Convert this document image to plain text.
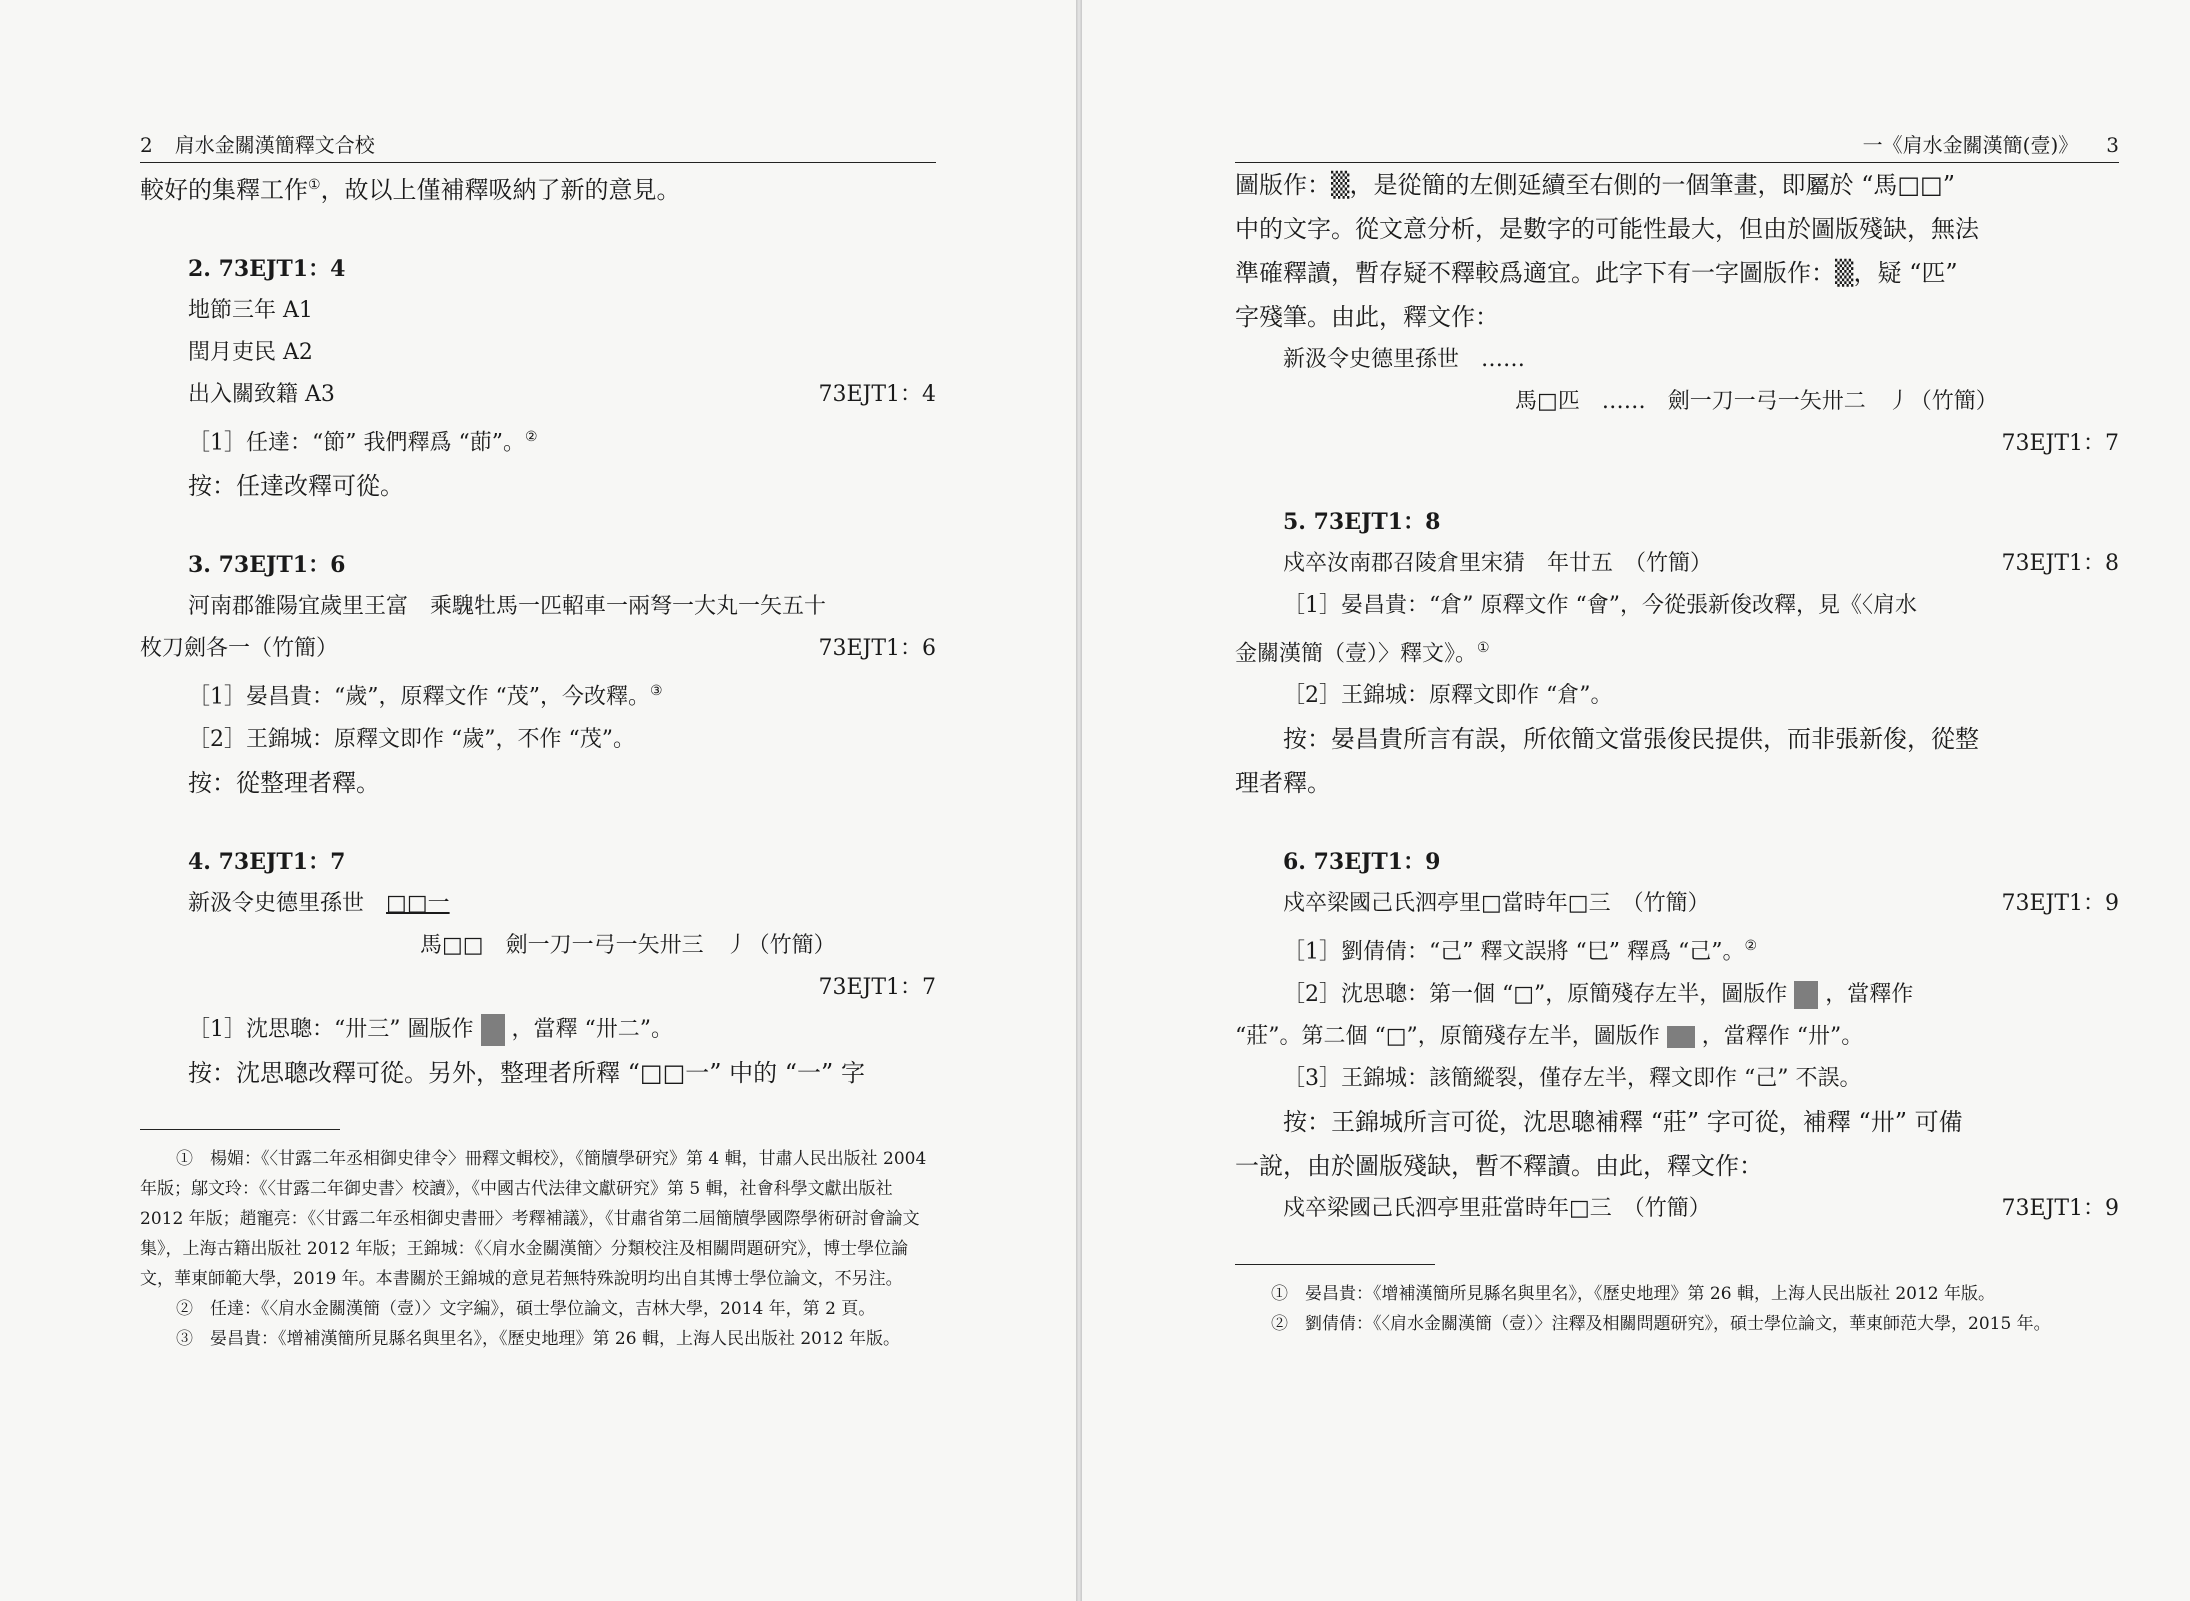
2 肩水金關漢簡釋文合校

較好的集釋工作①，故以上僅補釋吸納了新的意見。

2. 73EJT1：4

地節三年 A1

閏月吏民 A2

出入關致籍 A3	73EJT1：4

［1］任達：“節” 我們釋爲 “莭”。②

按：任達改釋可從。

3. 73EJT1：6

河南郡雒陽宜歲里王富　乘騩牡馬一匹軺車一兩弩一大丸一矢五十

枚刀劍各一（竹簡）	73EJT1：6

［1］晏昌貴：“歲”，原釋文作 “茂”，今改釋。③

［2］王錦城：原釋文即作 “歲”，不作 “茂”。

按：從整理者釋。

4. 73EJT1：7

新汲令史德里孫世　 □□一

馬□□　劍一刀一弓一矢卅三　丿（竹簡）

73EJT1：7

［1］沈思聰：“卅三” 圖版作 ，當釋 “卅二”。

按：沈思聰改釋可從。另外，整理者所釋 “□□一” 中的 “一” 字

①　 楊媚：《〈甘露二年丞相御史律令〉冊釋文輯校》，《簡牘學研究》第 4 輯，甘肅人民出版社 2004 年版；鄔文玲：《〈甘露二年御史書〉校讀》，《中國古代法律文獻研究》第 5 輯，社會科學文獻出版社 2012 年版；趙寵亮：《〈甘露二年丞相御史書冊〉考釋補議》，《甘肅省第二屆簡牘學國際學術研討會論文集》，上海古籍出版社 2012 年版；王錦城：《〈肩水金關漢簡〉分類校注及相關問題研究》，博士學位論文，華東師範大學，2019 年。本書關於王錦城的意見若無特殊說明均出自其博士學位論文，不另注。

②　 任達：《〈肩水金關漢簡（壹）〉文字編》，碩士學位論文，吉林大學，2014 年，第 2 頁。

③　 晏昌貴：《增補漢簡所見縣名與里名》，《歷史地理》第 26 輯，上海人民出版社 2012 年版。

一《肩水金關漢簡(壹)》 3

圖版作：▒，是從簡的左側延續至右側的一個筆畫，即屬於 “馬□□”

中的文字。從文意分析，是數字的可能性最大，但由於圖版殘缺，無法

準確釋讀，暫存疑不釋較爲適宜。此字下有一字圖版作：▒，疑 “匹”

字殘筆。由此，釋文作：

新汲令史德里孫世　……

馬□匹　……　劍一刀一弓一矢卅二　丿（竹簡）

73EJT1：7
5. 73EJT1：8
戍卒汝南郡召陵倉里宋猜　年廿五　（竹簡）	73EJT1：8

［1］晏昌貴：“倉” 原釋文作 “會”，今從張新俊改釋，見《〈肩水

金關漢簡（壹）〉釋文》。①

［2］王錦城：原釋文即作 “倉”。

按：晏昌貴所言有誤，所依簡文當張俊民提供，而非張新俊，從整

理者釋。

6. 73EJT1：9
戍卒梁國己氏泗亭里□當時年□三　（竹簡）	73EJT1：9

［1］劉倩倩：“己” 釋文誤將 “巳” 釋爲 “己”。②

［2］沈思聰：第一個 “□”，原簡殘存左半，圖版作 ，當釋作

“莊”。第二個 “□”，原簡殘存左半，圖版作 ，當釋作 “卅”。

［3］王錦城：該簡縱裂，僅存左半，釋文即作 “己” 不誤。

按：王錦城所言可從，沈思聰補釋 “莊” 字可從，補釋 “卅” 可備

一說，由於圖版殘缺，暫不釋讀。由此，釋文作：

戍卒梁國己氏泗亭里莊當時年□三　（竹簡）	73EJT1：9

①　 晏昌貴：《增補漢簡所見縣名與里名》，《歷史地理》第 26 輯，上海人民出版社 2012 年版。

②　 劉倩倩：《〈肩水金關漢簡（壹）〉注釋及相關問題研究》，碩士學位論文，華東師范大學，2015 年。
